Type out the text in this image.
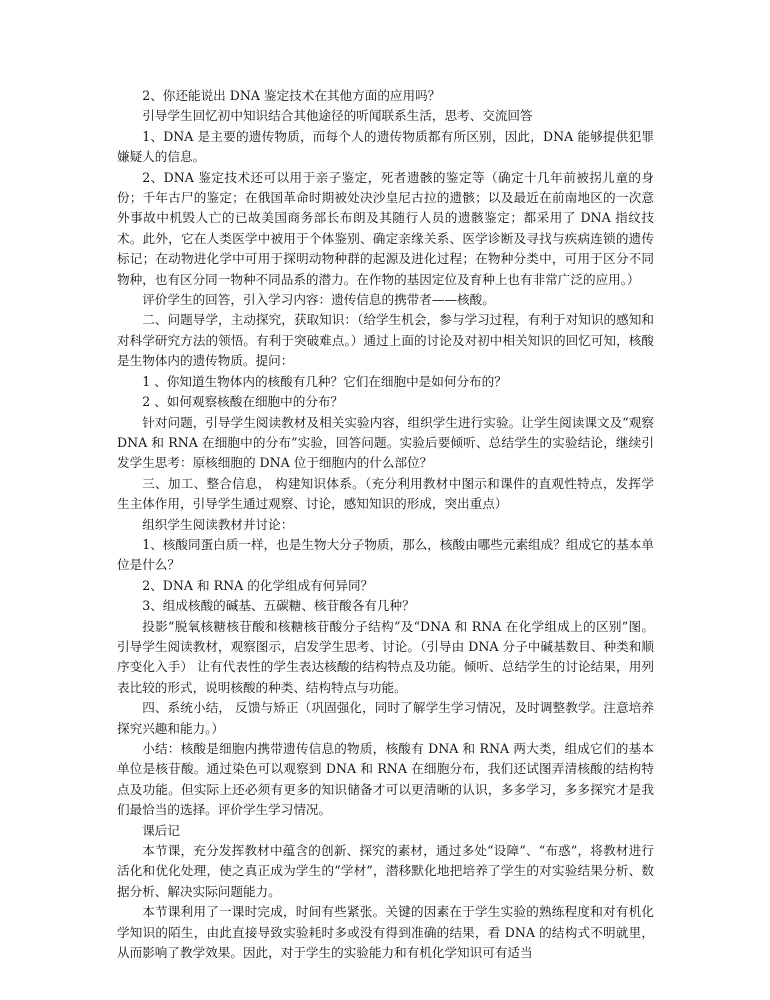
2、你还能说出 DNA 鉴定技术在其他方面的应用吗？

引导学生回忆初中知识结合其他途径的听闻联系生活，思考、交流回答

1、DNA 是主要的遗传物质，而每个人的遗传物质都有所区别，因此，DNA 能够提供犯罪嫌疑人的信息。

2、DNA 鉴定技术还可以用于亲子鉴定，死者遗骸的鉴定等（确定十几年前被拐儿童的身份；千年古尸的鉴定；在俄国革命时期被处决沙皇尼古拉的遗骸；以及最近在前南地区的一次意外事故中机毁人亡的已故美国商务部长布朗及其随行人员的遗骸鉴定；都采用了 DNA 指纹技术。此外，它在人类医学中被用于个体鉴别、确定亲缘关系、医学诊断及寻找与疾病连锁的遗传标记；在动物进化学中可用于探明动物种群的起源及进化过程；在物种分类中，可用于区分不同物种，也有区分同一物种不同品系的潜力。在作物的基因定位及育种上也有非常广泛的应用。）

评价学生的回答，引入学习内容：遗传信息的携带者——核酸。

二、问题导学，主动探究，获取知识：（给学生机会，参与学习过程，有利于对知识的感知和对科学研究方法的领悟。有利于突破难点。）通过上面的讨论及对初中相关知识的回忆可知，核酸是生物体内的遗传物质。提问：

1 、你知道生物体内的核酸有几种？它们在细胞中是如何分布的？

2 、如何观察核酸在细胞中的分布？

针对问题，引导学生阅读教材及相关实验内容，组织学生进行实验。让学生阅读课文及“观察 DNA 和 RNA 在细胞中的分布”实验，回答问题。实验后要倾听、总结学生的实验结论，继续引发学生思考：原核细胞的 DNA 位于细胞内的什么部位？

三、加工、整合信息， 构建知识体系。（充分利用教材中图示和课件的直观性特点，发挥学生主体作用，引导学生通过观察、讨论，感知知识的形成，突出重点）

组织学生阅读教材并讨论：

1、核酸同蛋白质一样，也是生物大分子物质，那么，核酸由哪些元素组成？组成它的基本单位是什么？

2、DNA 和 RNA 的化学组成有何异同？

3、组成核酸的碱基、五碳糖、核苷酸各有几种？

投影“脱氧核糖核苷酸和核糖核苷酸分子结构”及“DNA 和 RNA 在化学组成上的区别”图。 引导学生阅读教材，观察图示，启发学生思考、讨论。（引导由 DNA 分子中碱基数目、种类和顺序变化入手） 让有代表性的学生表达核酸的结构特点及功能。倾听、总结学生的讨论结果，用列表比较的形式，说明核酸的种类、结构特点与功能。

四、系统小结， 反馈与矫正（巩固强化，同时了解学生学习情况，及时调整教学。注意培养探究兴趣和能力。）

小结：核酸是细胞内携带遗传信息的物质，核酸有 DNA 和 RNA 两大类，组成它们的基本单位是核苷酸。通过染色可以观察到 DNA 和 RNA 在细胞分布，我们还试图弄清核酸的结构特点及功能。但实际上还必须有更多的知识储备才可以更清晰的认识，多多学习，多多探究才是我们最恰当的选择。评价学生学习情况。

课后记

本节课，充分发挥教材中蕴含的创新、探究的素材，通过多处“设障”、“布惑”，将教材进行活化和优化处理，使之真正成为学生的“学材”，潜移默化地把培养了学生的对实验结果分析、数据分析、解决实际问题能力。

本节课利用了一课时完成，时间有些紧张。关键的因素在于学生实验的熟练程度和对有机化学知识的陌生，由此直接导致实验耗时多或没有得到准确的结果，看 DNA 的结构式不明就里，从而影响了教学效果。因此，对于学生的实验能力和有机化学知识可有适当
